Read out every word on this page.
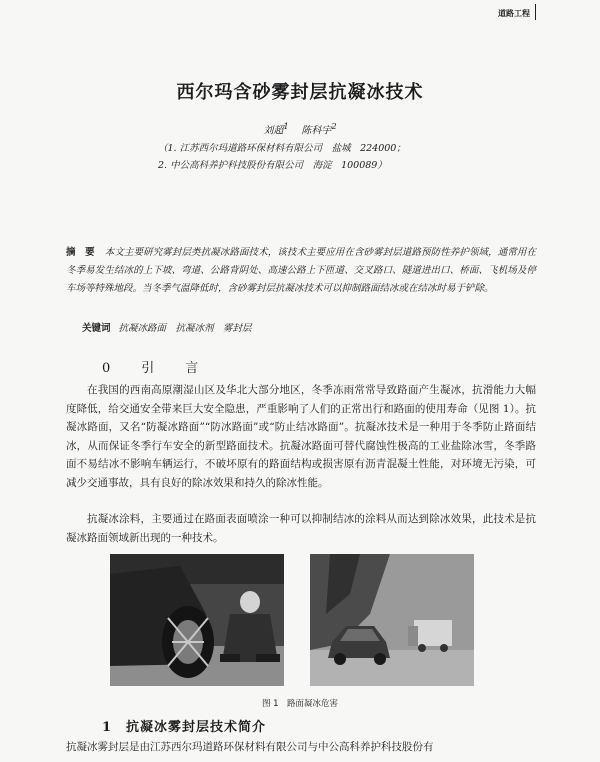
道路工程
西尔玛含砂雾封层抗凝冰技术
刘超$^1$ 陈科宇$^2$
（1. 江苏西尔玛道路环保材料有限公司　盐城　224000；
2. 中公高科养护科技股份有限公司　海淀　100089）
摘　要 本文主要研究雾封层类抗凝冰路面技术，该技术主要应用在含砂雾封层道路预防性养护领域，通常用在冬季易发生结冰的上下坡、弯道、公路背阴处、高速公路上下匝道、交叉路口、隧道进出口、桥面、飞机场及停车场等特殊地段。当冬季气温降低时，含砂雾封层抗凝冰技术可以抑制路面结冰或在结冰时易于铲除。
关键词 抗凝冰路面　抗凝冰剂　雾封层
0　引　言
在我国的西南高原潮湿山区及华北大部分地区，冬季冻雨常常导致路面产生凝冰，抗滑能力大幅度降低，给交通安全带来巨大安全隐患，严重影响了人们的正常出行和路面的使用寿命（见图 1）。抗凝冰路面，又名“防凝冰路面”“防冰路面”或“防止结冰路面”。抗凝冰技术是一种用于冬季防止路面结冰，从而保证冬季行车安全的新型路面技术。抗凝冰路面可替代腐蚀性极高的工业盐除冰雪，冬季路面不易结冰不影响车辆运行，不破坏原有的路面结构或损害原有沥青混凝土性能，对环境无污染，可减少交通事故，具有良好的除冰效果和持久的除冰性能。
抗凝冰涂料，主要通过在路面表面喷涂一种可以抑制结冰的涂料从而达到除冰效果，此技术是抗凝冰路面领域新出现的一种技术。
图 1　路面凝冰危害
1　抗凝冰雾封层技术简介
抗凝冰雾封层是由江苏西尔玛道路环保材料有限公司与中公高科养护科技股份有
